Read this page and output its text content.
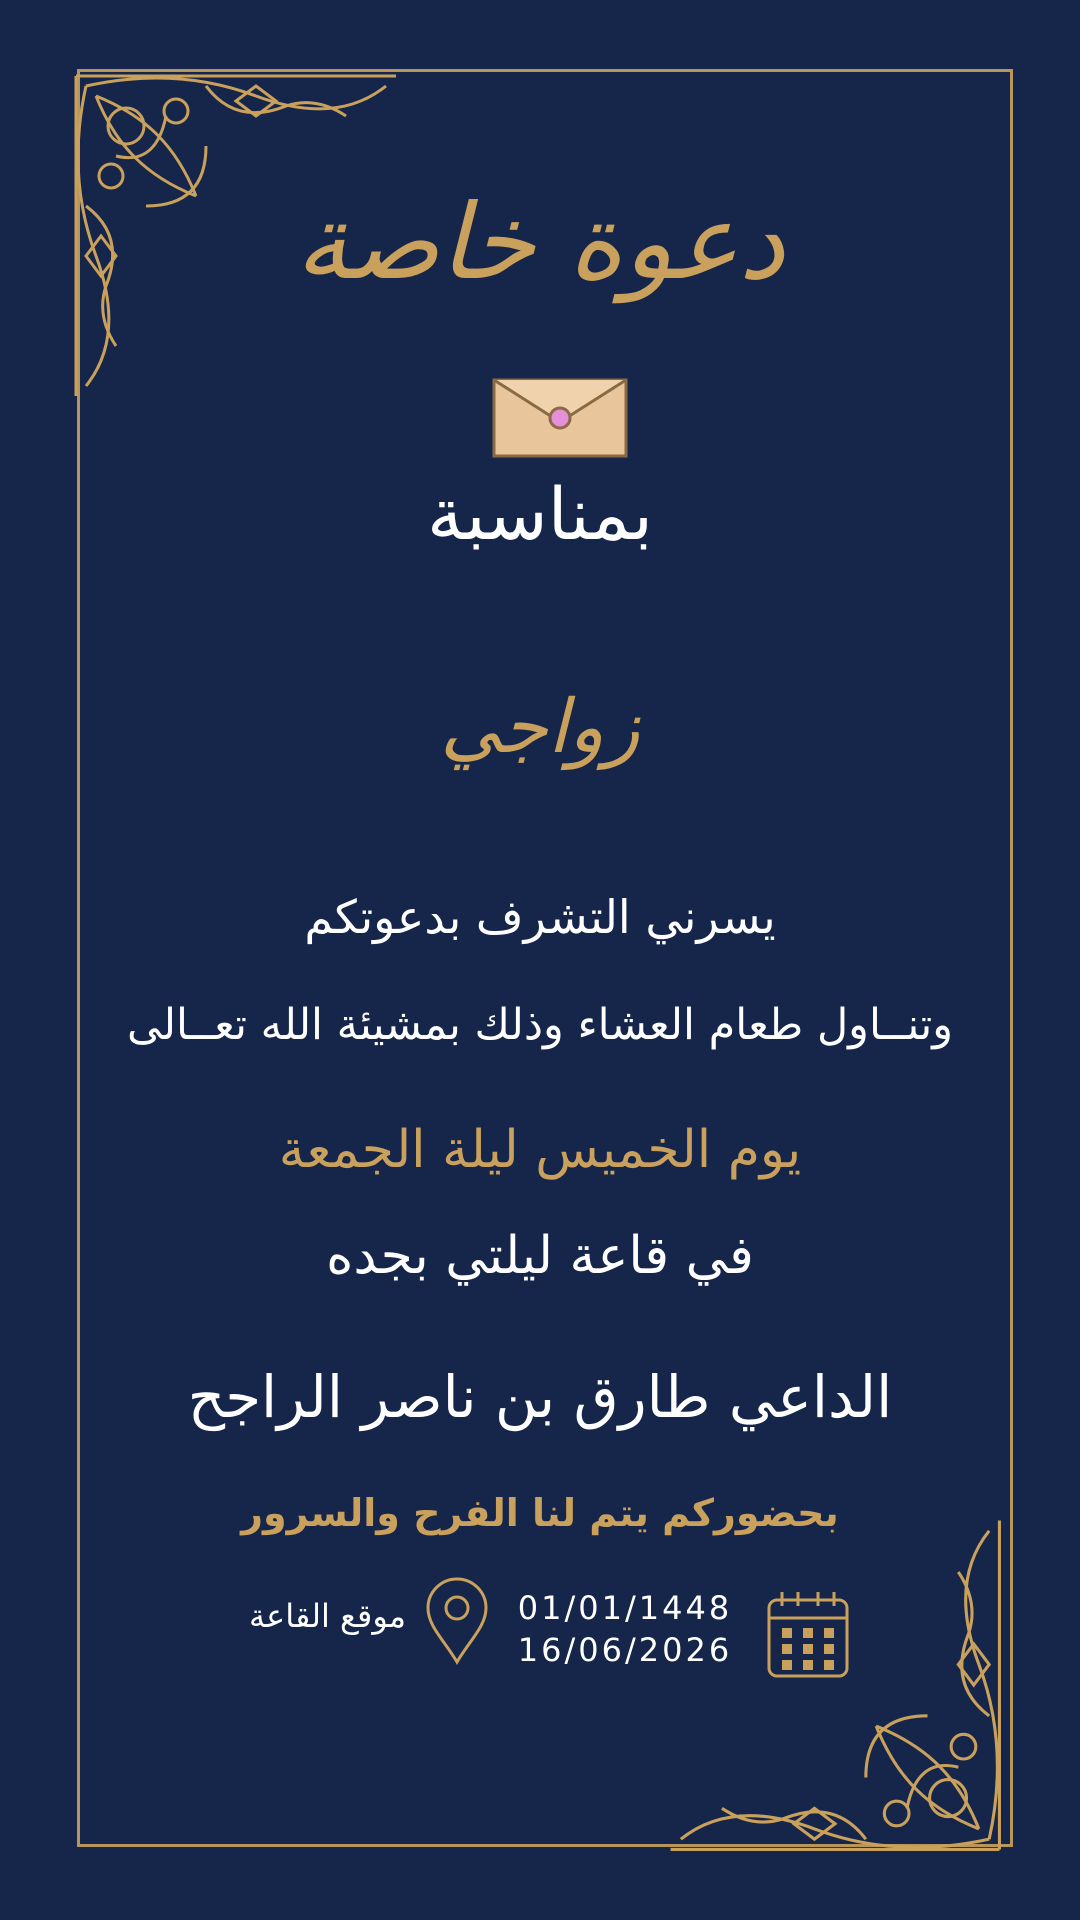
دعوة خاصة
بمناسبة
زواجي
يسرني التشرف بدعوتكم
وتنــاول طعام العشاء وذلك بمشيئة الله تعــالى
يوم الخميس ليلة الجمعة
في قاعة ليلتي بجده
الداعي طارق بن ناصر الراجح
بحضوركم يتم لنا الفرح والسرور
01/01/1448
16/06/2026
موقع القاعة
